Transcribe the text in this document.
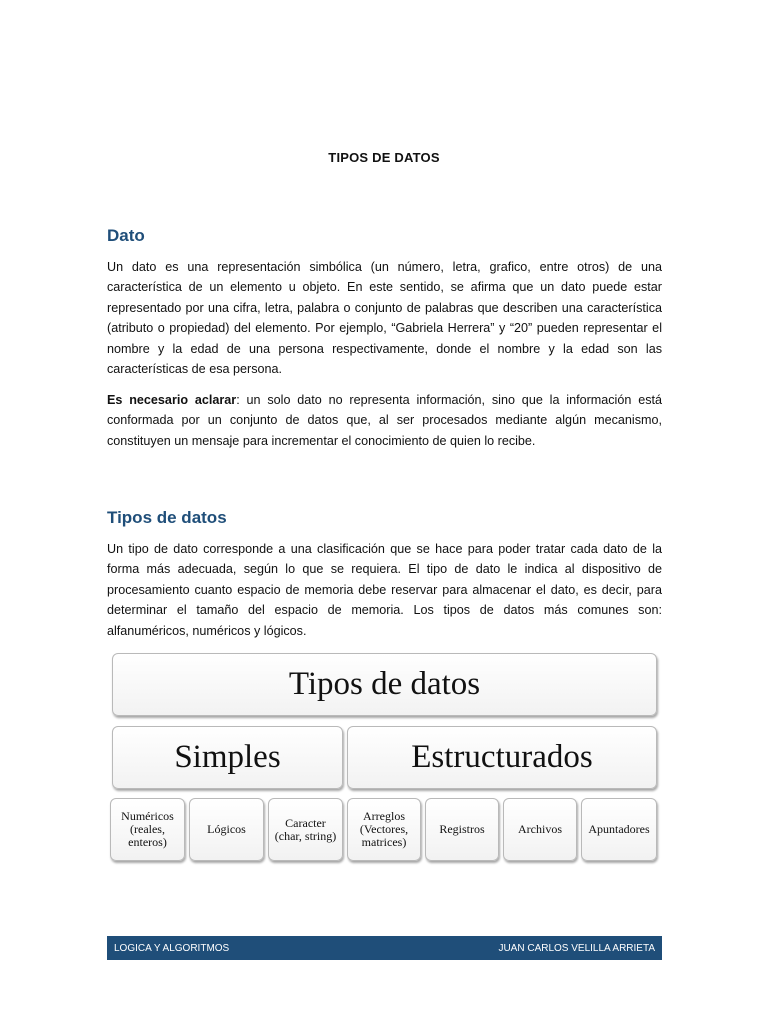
TIPOS DE DATOS
Dato
Un dato es una representación simbólica (un número, letra, grafico, entre otros) de una característica de un elemento u objeto. En este sentido, se afirma que un dato puede estar representado por una cifra, letra, palabra o conjunto de palabras que describen una característica (atributo o propiedad) del elemento. Por ejemplo, “Gabriela Herrera” y “20” pueden representar el nombre y la edad de una persona respectivamente, donde el nombre y la edad son las características de esa persona.
Es necesario aclarar: un solo dato no representa información, sino que la información está conformada por un conjunto de datos que, al ser procesados mediante algún mecanismo, constituyen un mensaje para incrementar el conocimiento de quien lo recibe.
Tipos de datos
Un tipo de dato corresponde a una clasificación que se hace para poder tratar cada dato de la forma más adecuada, según lo que se requiera. El tipo de dato le indica al dispositivo de procesamiento cuanto espacio de memoria debe reservar para almacenar el dato, es decir, para determinar el tamaño del espacio de memoria. Los tipos de datos más comunes son: alfanuméricos, numéricos y lógicos.
Tipos de datos
Simples	Estructurados
Numéricos (reales, enteros)
Lógicos	Caracter (char, string)
Arreglos (Vectores, matrices)
Registros	Archivos	Apuntadores
LOGICA Y ALGORITMOS	JUAN CARLOS VELILLA ARRIETA
